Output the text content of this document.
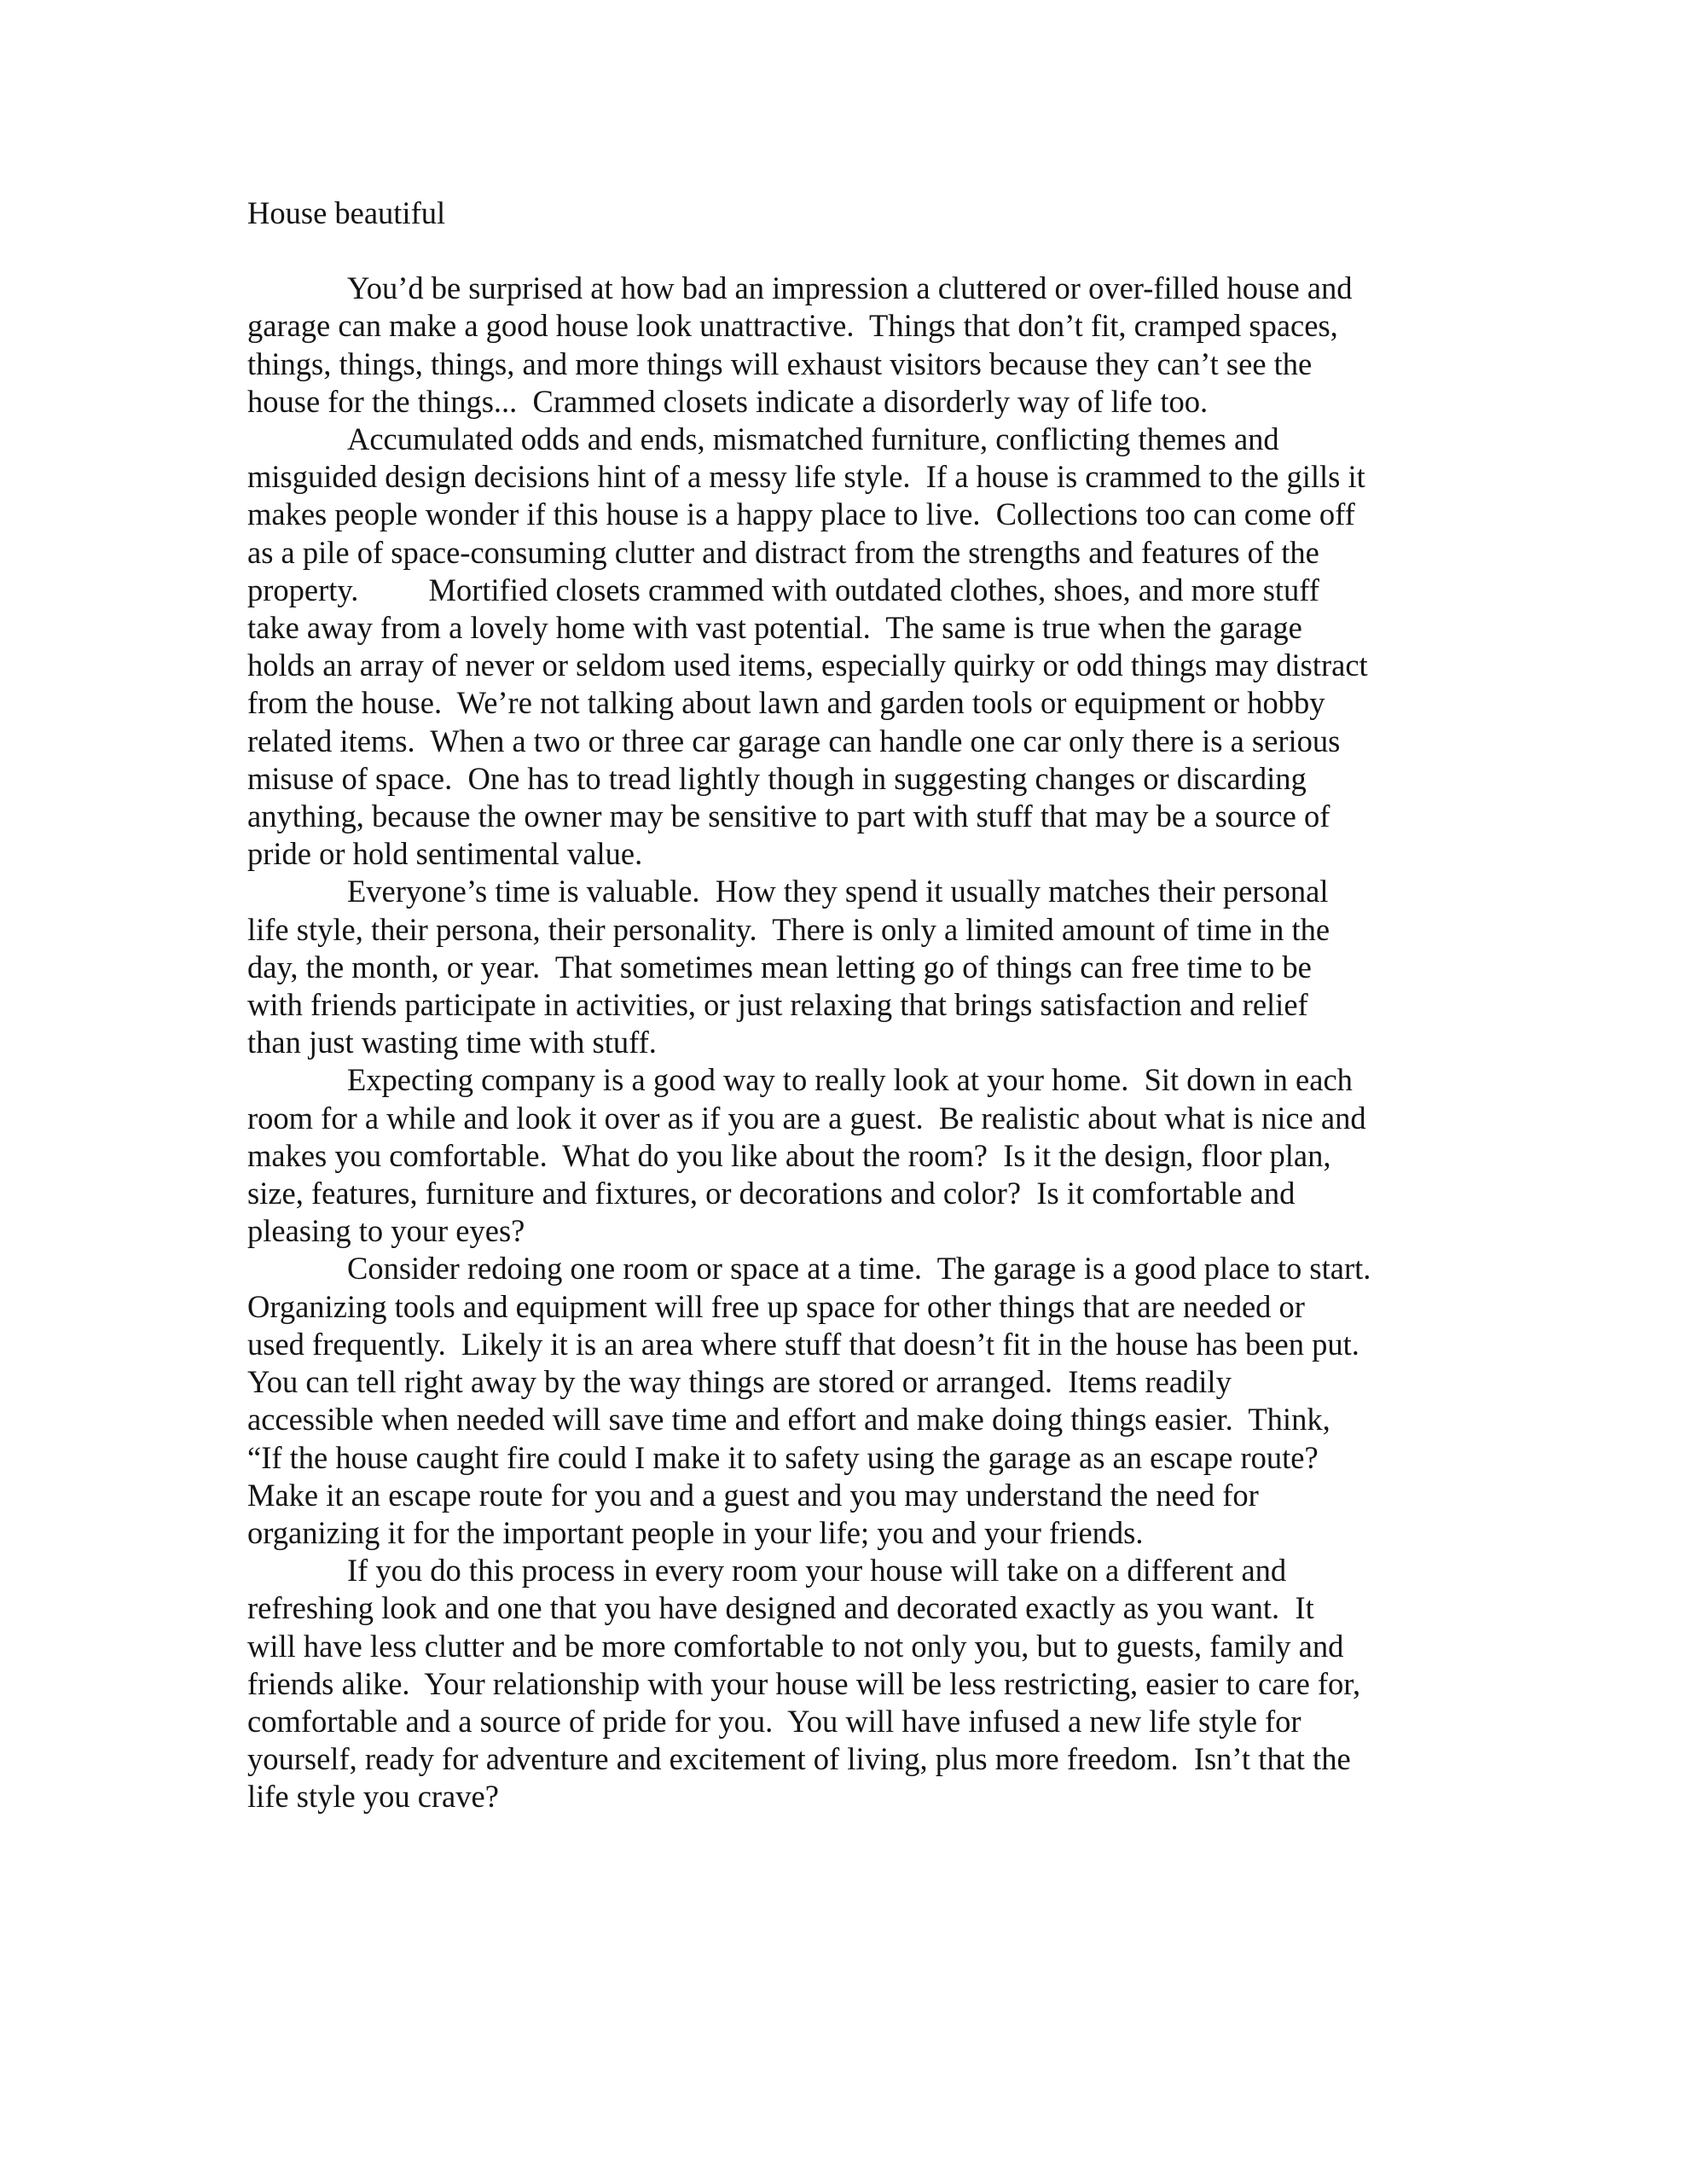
House beautiful
You’d be surprised at how bad an impression a cluttered or over-filled house and
garage can make a good house look unattractive.  Things that don’t fit, cramped spaces,
things, things, things, and more things will exhaust visitors because they can’t see the
house for the things...  Crammed closets indicate a disorderly way of life too.
Accumulated odds and ends, mismatched furniture, conflicting themes and
misguided design decisions hint of a messy life style.  If a house is crammed to the gills it
makes people wonder if this house is a happy place to live.  Collections too can come off
as a pile of space-consuming clutter and distract from the strengths and features of the
property.         Mortified closets crammed with outdated clothes, shoes, and more stuff
take away from a lovely home with vast potential.  The same is true when the garage
holds an array of never or seldom used items, especially quirky or odd things may distract
from the house.  We’re not talking about lawn and garden tools or equipment or hobby
related items.  When a two or three car garage can handle one car only there is a serious
misuse of space.  One has to tread lightly though in suggesting changes or discarding
anything, because the owner may be sensitive to part with stuff that may be a source of
pride or hold sentimental value.
Everyone’s time is valuable.  How they spend it usually matches their personal
life style, their persona, their personality.  There is only a limited amount of time in the
day, the month, or year.  That sometimes mean letting go of things can free time to be
with friends participate in activities, or just relaxing that brings satisfaction and relief
than just wasting time with stuff.
Expecting company is a good way to really look at your home.  Sit down in each
room for a while and look it over as if you are a guest.  Be realistic about what is nice and
makes you comfortable.  What do you like about the room?  Is it the design, floor plan,
size, features, furniture and fixtures, or decorations and color?  Is it comfortable and
pleasing to your eyes?
Consider redoing one room or space at a time.  The garage is a good place to start.
Organizing tools and equipment will free up space for other things that are needed or
used frequently.  Likely it is an area where stuff that doesn’t fit in the house has been put.
You can tell right away by the way things are stored or arranged.  Items readily
accessible when needed will save time and effort and make doing things easier.  Think,
“If the house caught fire could I make it to safety using the garage as an escape route?
Make it an escape route for you and a guest and you may understand the need for
organizing it for the important people in your life; you and your friends.
If you do this process in every room your house will take on a different and
refreshing look and one that you have designed and decorated exactly as you want.  It
will have less clutter and be more comfortable to not only you, but to guests, family and
friends alike.  Your relationship with your house will be less restricting, easier to care for,
comfortable and a source of pride for you.  You will have infused a new life style for
yourself, ready for adventure and excitement of living, plus more freedom.  Isn’t that the
life style you crave?
